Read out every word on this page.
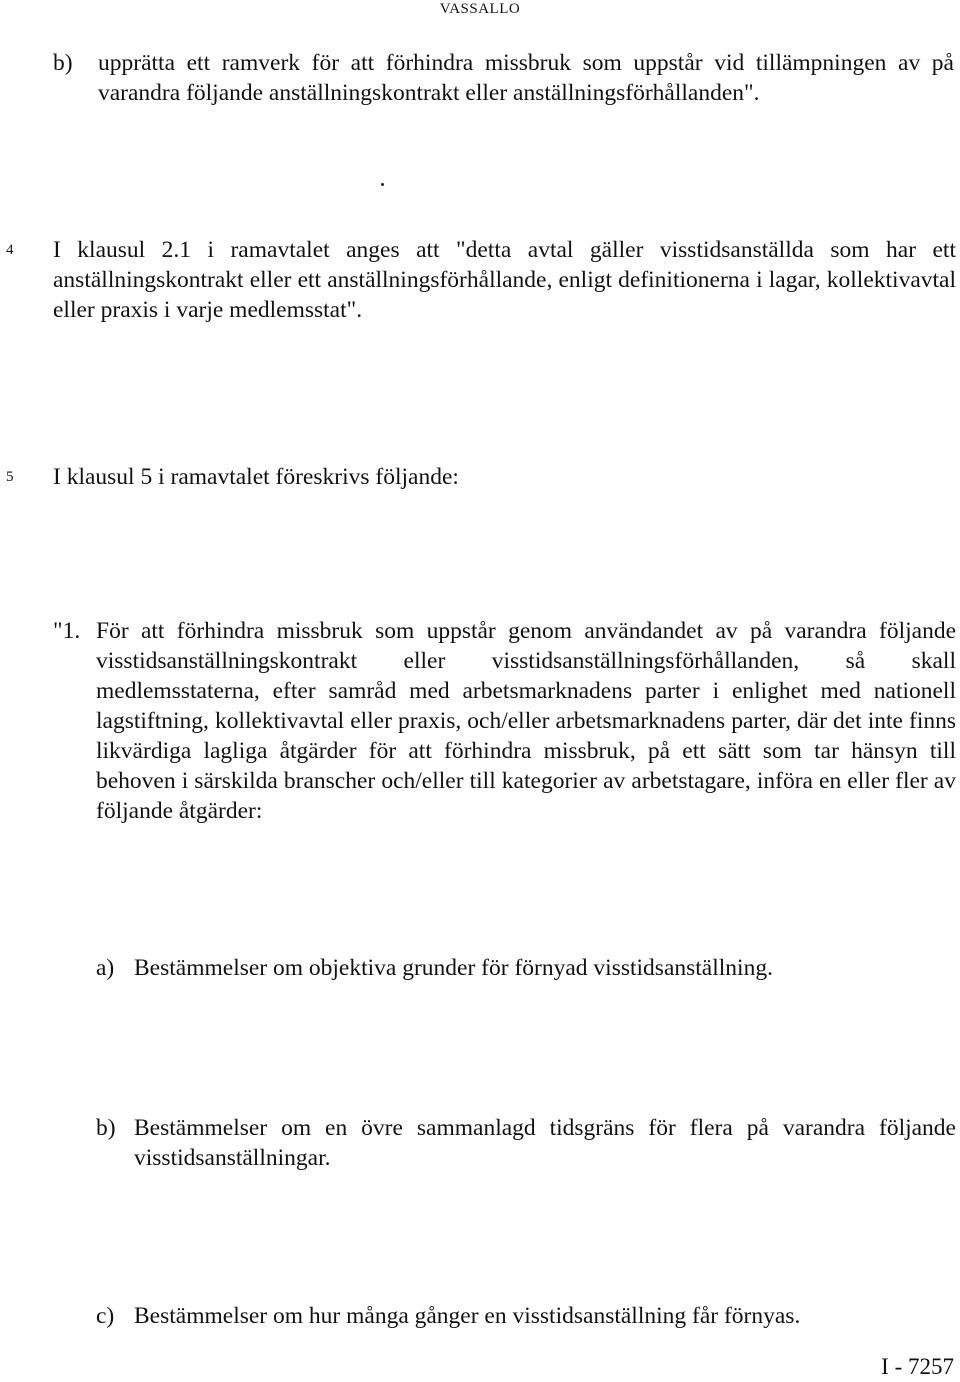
VASSALLO
b) upprätta ett ramverk för att förhindra missbruk som uppstår vid tillämpningen av på varandra följande anställningskontrakt eller anställningsförhållanden".
4 I klausul 2.1 i ramavtalet anges att "detta avtal gäller visstidsanställda som har ett anställningskontrakt eller ett anställningsförhållande, enligt definitionerna i lagar, kollektivavtal eller praxis i varje medlemsstat".
5 I klausul 5 i ramavtalet föreskrivs följande:
"1. För att förhindra missbruk som uppstår genom användandet av på varandra följande visstidsanställningskontrakt eller visstidsanställningsförhållanden, så skall medlemsstaterna, efter samråd med arbetsmarknadens parter i enlighet med nationell lagstiftning, kollektivavtal eller praxis, och/eller arbetsmarknadens parter, där det inte finns likvärdiga lagliga åtgärder för att förhindra missbruk, på ett sätt som tar hänsyn till behoven i särskilda branscher och/eller till kategorier av arbetstagare, införa en eller fler av följande åtgärder:
a) Bestämmelser om objektiva grunder för förnyad visstidsanställning.
b) Bestämmelser om en övre sammanlagd tidsgräns för flera på varandra följande visstidsanställningar.
c) Bestämmelser om hur många gånger en visstidsanställning får förnyas.
I - 7257
